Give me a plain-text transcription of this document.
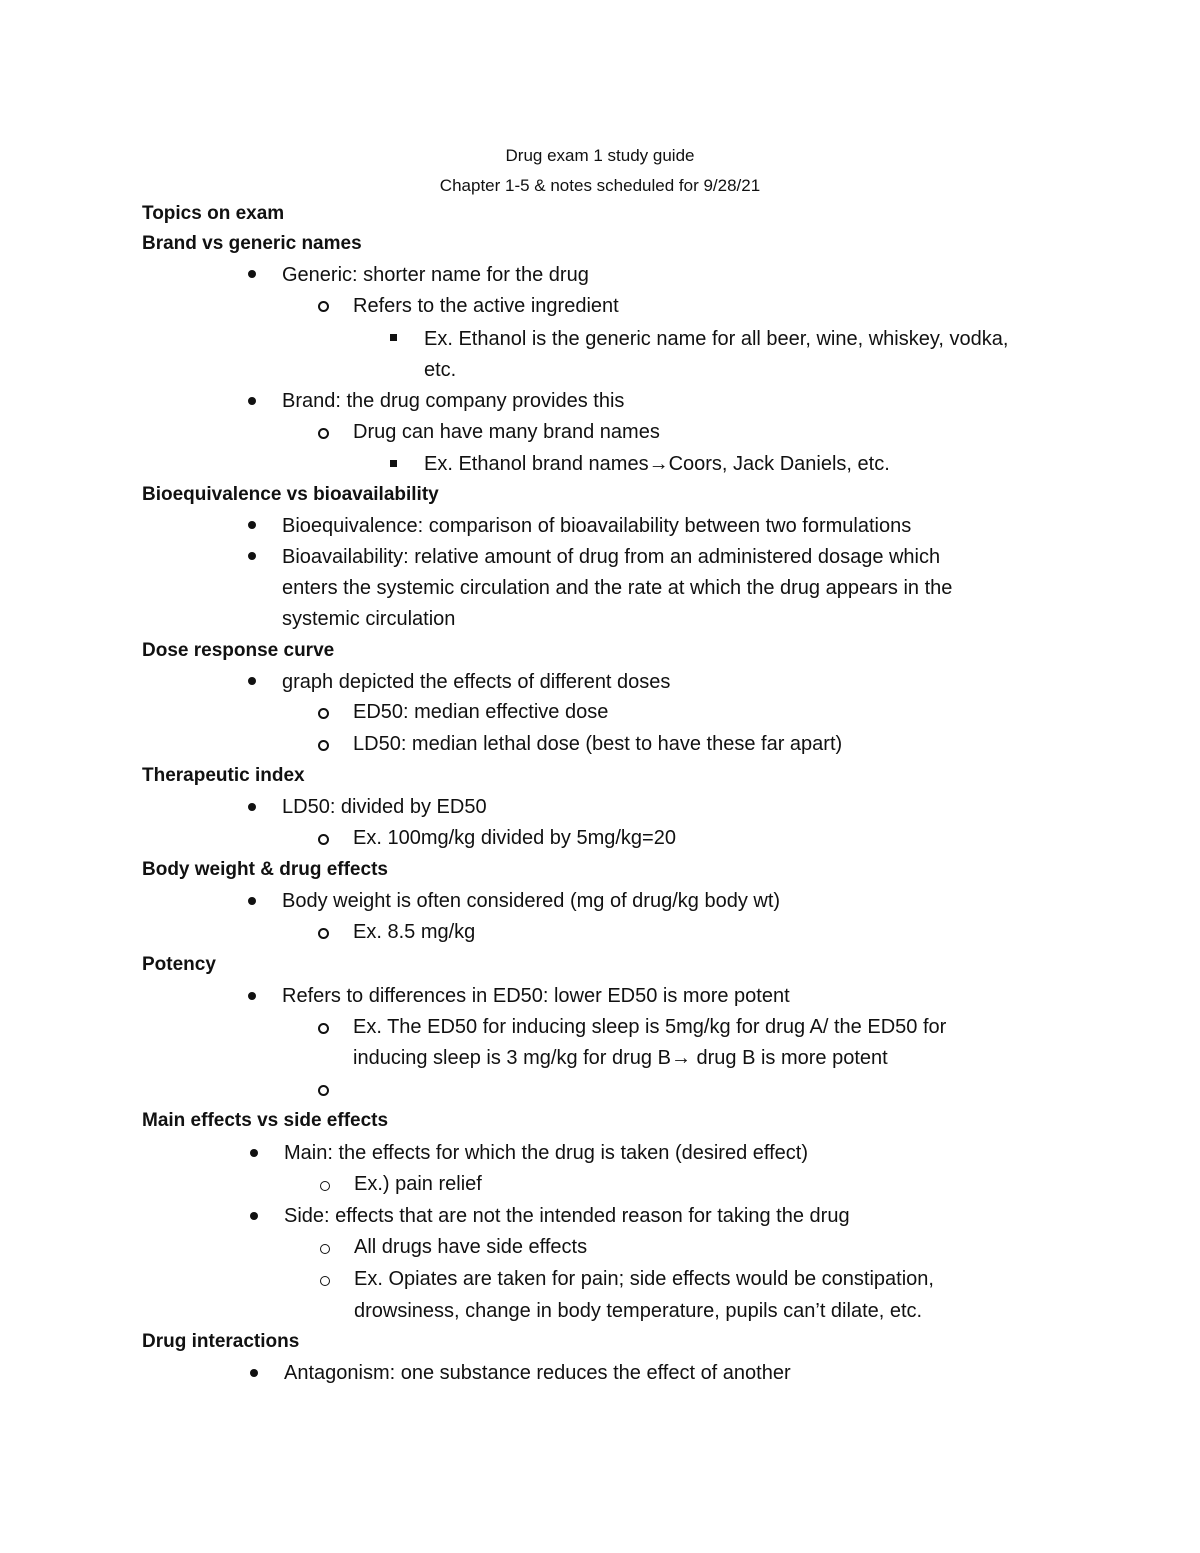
Drug exam 1 study guide
Chapter 1-5 & notes scheduled for 9/28/21
Topics on exam
Brand vs generic names
Generic: shorter name for the drug
Refers to the active ingredient
Ex. Ethanol is the generic name for all beer, wine, whiskey, vodka,
etc.
Brand: the drug company provides this
Drug can have many brand names
Ex. Ethanol brand names→Coors, Jack Daniels, etc.
Bioequivalence vs bioavailability
Bioequivalence: comparison of bioavailability between two formulations
Bioavailability: relative amount of drug from an administered dosage which
enters the systemic circulation and the rate at which the drug appears in the
systemic circulation
Dose response curve
graph depicted the effects of different doses
ED50: median effective dose
LD50: median lethal dose (best to have these far apart)
Therapeutic index
LD50: divided by ED50
Ex. 100mg/kg divided by 5mg/kg=20
Body weight & drug effects
Body weight is often considered (mg of drug/kg body wt)
Ex. 8.5 mg/kg
Potency
Refers to differences in ED50: lower ED50 is more potent
Ex. The ED50 for inducing sleep is 5mg/kg for drug A/ the ED50 for
inducing sleep is 3 mg/kg for drug B→ drug B is more potent
Main effects vs side effects
Main: the effects for which the drug is taken (desired effect)
Ex.) pain relief
Side: effects that are not the intended reason for taking the drug
All drugs have side effects
Ex. Opiates are taken for pain; side effects would be constipation,
drowsiness, change in body temperature, pupils can’t dilate, etc.
Drug interactions
Antagonism: one substance reduces the effect of another
